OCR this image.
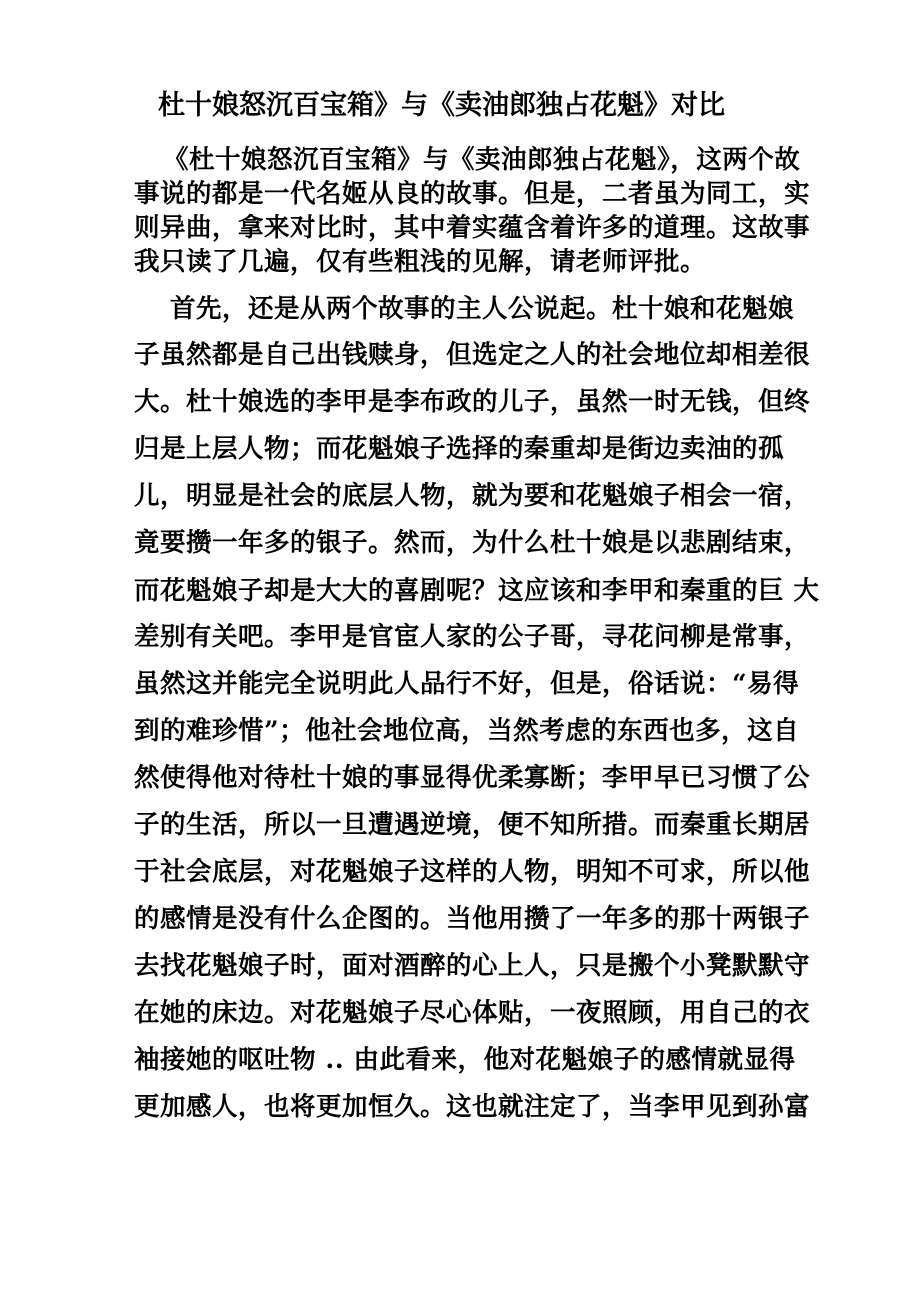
杜十娘怒沉百宝箱》与《卖油郎独占花魁》对比
《杜十娘怒沉百宝箱》与《卖油郎独占花魁》，这两个故
事说的都是一代名姬从良的故事。但是，二者虽为同工，实
则异曲，拿来对比时，其中着实蕴含着许多的道理。这故事
我只读了几遍，仅有些粗浅的见解，请老师评批。
首先，还是从两个故事的主人公说起。杜十娘和花魁娘
子虽然都是自己出钱赎身，但选定之人的社会地位却相差很
大。杜十娘选的李甲是李布政的儿子，虽然一时无钱，但终
归是上层人物；而花魁娘子选择的秦重却是街边卖油的孤
儿，明显是社会的底层人物，就为要和花魁娘子相会一宿，
竟要攒一年多的银子。然而，为什么杜十娘是以悲剧结束，
而花魁娘子却是大大的喜剧呢？这应该和李甲和秦重的巨 大
差别有关吧。李甲是官宦人家的公子哥，寻花问柳是常事，
虽然这并能完全说明此人品行不好，但是，俗话说：“易得
到的难珍惜”；他社会地位高，当然考虑的东西也多，这自
然使得他对待杜十娘的事显得优柔寡断；李甲早已习惯了公
子的生活，所以一旦遭遇逆境，便不知所措。而秦重长期居
于社会底层，对花魁娘子这样的人物，明知不可求，所以他
的感情是没有什么企图的。当他用攒了一年多的那十两银子
去找花魁娘子时，面对酒醉的心上人，只是搬个小凳默默守
在她的床边。对花魁娘子尽心体贴，一夜照顾，用自己的衣
袖接她的呕吐物 .. 由此看来，他对花魁娘子的感情就显得
更加感人，也将更加恒久。这也就注定了，当李甲见到孙富
